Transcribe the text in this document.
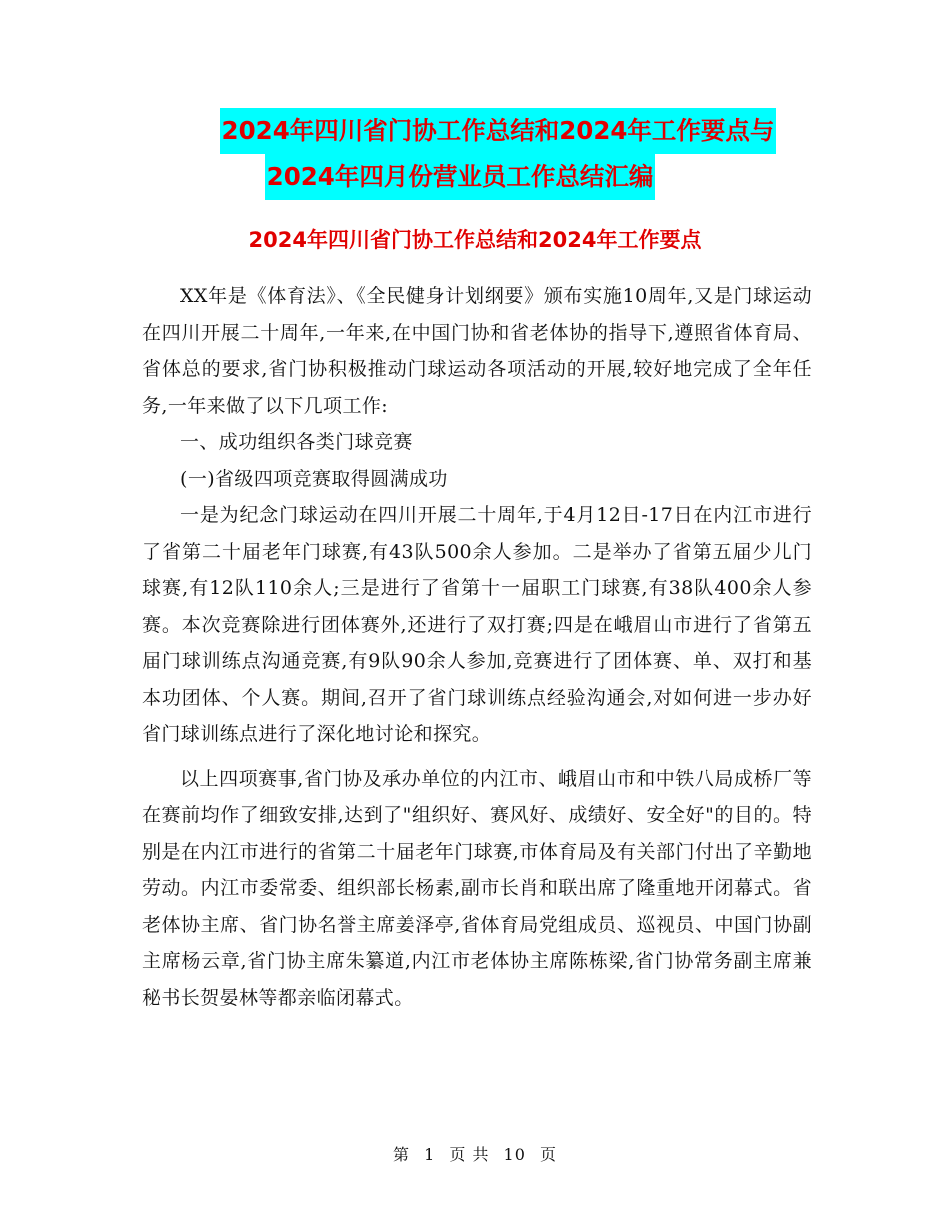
2024年四川省门协工作总结和2024年工作要点与
2024年四月份营业员工作总结汇编
2024年四川省门协工作总结和2024年工作要点

XX年是《体育法》、《全民健身计划纲要》颁布实施10周年,又是门球运动在四川开展二十周年,一年来,在中国门协和省老体协的指导下,遵照省体育局、省体总的要求,省门协积极推动门球运动各项活动的开展,较好地完成了全年任务,一年来做了以下几项工作:

一、成功组织各类门球竞赛

(一)省级四项竞赛取得圆满成功

一是为纪念门球运动在四川开展二十周年,于4月12日-17日在内江市进行了省第二十届老年门球赛,有43队500余人参加。二是举办了省第五届少儿门球赛,有12队110余人;三是进行了省第十一届职工门球赛,有38队400余人参赛。本次竞赛除进行团体赛外,还进行了双打赛;四是在峨眉山市进行了省第五届门球训练点沟通竞赛,有9队90余人参加,竞赛进行了团体赛、单、双打和基本功团体、个人赛。期间,召开了省门球训练点经验沟通会,对如何进一步办好省门球训练点进行了深化地讨论和探究。

以上四项赛事,省门协及承办单位的内江市、峨眉山市和中铁八局成桥厂等在赛前均作了细致安排,达到了"组织好、赛风好、成绩好、安全好"的目的。特别是在内江市进行的省第二十届老年门球赛,市体育局及有关部门付出了辛勤地劳动。内江市委常委、组织部长杨素,副市长肖和联出席了隆重地开闭幕式。省老体协主席、省门协名誉主席姜泽亭,省体育局党组成员、巡视员、中国门协副主席杨云章,省门协主席朱纂道,内江市老体协主席陈栋梁,省门协常务副主席兼秘书长贺晏林等都亲临闭幕式。

第 1 页 共 10 页
